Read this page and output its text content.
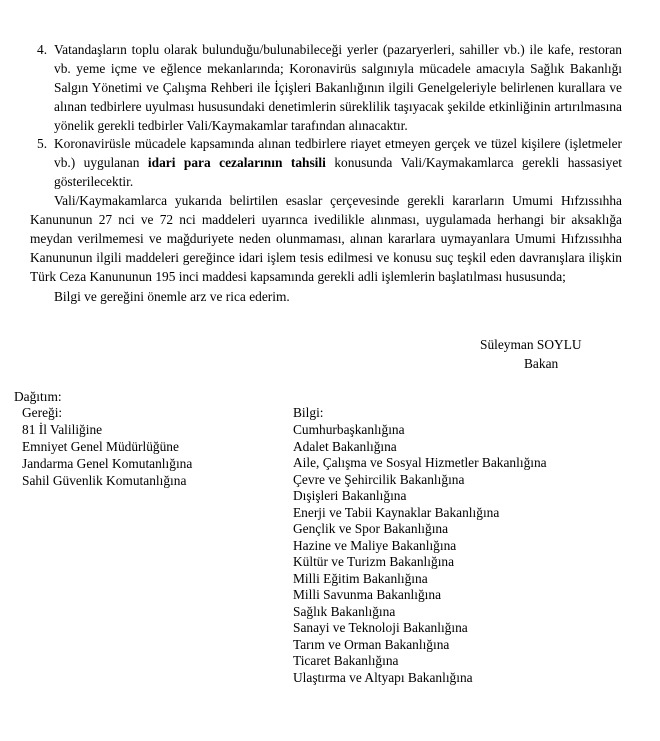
4. Vatandaşların toplu olarak bulunduğu/bulunabileceği yerler (pazaryerleri, sahiller vb.) ile kafe, restoran vb. yeme içme ve eğlence mekanlarında; Koronavirüs salgınıyla mücadele amacıyla Sağlık Bakanlığı Salgın Yönetimi ve Çalışma Rehberi ile İçişleri Bakanlığının ilgili Genelgeleriyle belirlenen kurallara ve alınan tedbirlere uyulması hususundaki denetimlerin süreklilik taşıyacak şekilde etkinliğinin artırılmasına yönelik gerekli tedbirler Vali/Kaymakamlar tarafından alınacaktır.
5. Koronavirüsle mücadele kapsamında alınan tedbirlere riayet etmeyen gerçek ve tüzel kişilere (işletmeler vb.) uygulanan idari para cezalarının tahsili konusunda Vali/Kaymakamlarca gerekli hassasiyet gösterilecektir.
Vali/Kaymakamlarca yukarıda belirtilen esaslar çerçevesinde gerekli kararların Umumi Hıfzıssıhha Kanununun 27 nci ve 72 nci maddeleri uyarınca ivedilikle alınması, uygulamada herhangi bir aksaklığa meydan verilmemesi ve mağduriyete neden olunmaması, alınan kararlara uymayanlara Umumi Hıfzıssıhha Kanununun ilgili maddeleri gereğince idari işlem tesis edilmesi ve konusu suç teşkil eden davranışlara ilişkin Türk Ceza Kanununun 195 inci maddesi kapsamında gerekli adli işlemlerin başlatılması hususunda;
Bilgi ve gereğini önemle arz ve rica ederim.
Süleyman SOYLU
Bakan
Dağıtım:
Gereği:
81 İl Valiliğine
Emniyet Genel Müdürlüğüne
Jandarma Genel Komutanlığına
Sahil Güvenlik Komutanlığına
Bilgi:
Cumhurbaşkanlığına
Adalet Bakanlığına
Aile, Çalışma ve Sosyal Hizmetler Bakanlığına
Çevre ve Şehircilik Bakanlığına
Dışişleri Bakanlığına
Enerji ve Tabii Kaynaklar Bakanlığına
Gençlik ve Spor Bakanlığına
Hazine ve Maliye Bakanlığına
Kültür ve Turizm Bakanlığına
Milli Eğitim Bakanlığına
Milli Savunma Bakanlığına
Sağlık Bakanlığına
Sanayi ve Teknoloji Bakanlığına
Tarım ve Orman Bakanlığına
Ticaret Bakanlığına
Ulaştırma ve Altyapı Bakanlığına
